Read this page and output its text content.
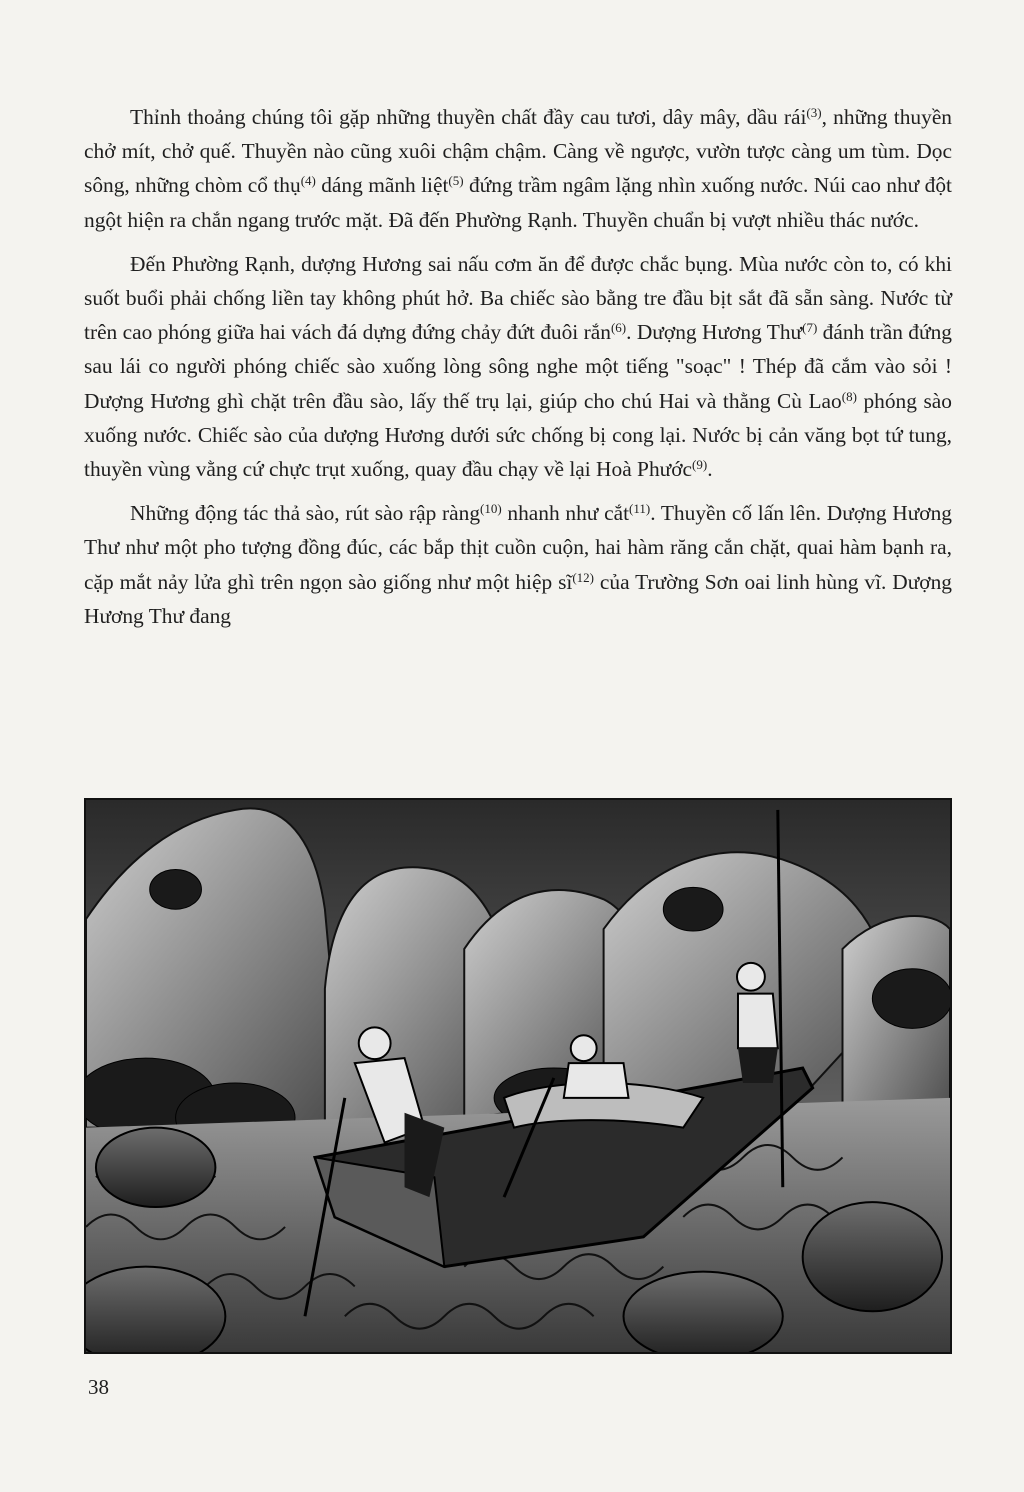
Thỉnh thoảng chúng tôi gặp những thuyền chất đầy cau tươi, dây mây, dầu rái$^{(3)}$, những thuyền chở mít, chở quế. Thuyền nào cũng xuôi chậm chậm. Càng về ngược, vườn tược càng um tùm. Dọc sông, những chòm cổ thụ$^{(4)}$ dáng mãnh liệt$^{(5)}$ đứng trầm ngâm lặng nhìn xuống nước. Núi cao như đột ngột hiện ra chắn ngang trước mặt. Đã đến Phường Rạnh. Thuyền chuẩn bị vượt nhiều thác nước.

Đến Phường Rạnh, dượng Hương sai nấu cơm ăn để được chắc bụng. Mùa nước còn to, có khi suốt buổi phải chống liền tay không phút hở. Ba chiếc sào bằng tre đầu bịt sắt đã sẵn sàng. Nước từ trên cao phóng giữa hai vách đá dựng đứng chảy đứt đuôi rắn$^{(6)}$. Dượng Hương Thư$^{(7)}$ đánh trần đứng sau lái co người phóng chiếc sào xuống lòng sông nghe một tiếng "soạc" ! Thép đã cắm vào sỏi ! Dượng Hương ghì chặt trên đầu sào, lấy thế trụ lại, giúp cho chú Hai và thằng Cù Lao$^{(8)}$ phóng sào xuống nước. Chiếc sào của dượng Hương dưới sức chống bị cong lại. Nước bị cản văng bọt tứ tung, thuyền vùng vằng cứ chực trụt xuống, quay đầu chạy về lại Hoà Phước$^{(9)}$.

Những động tác thả sào, rút sào rập ràng$^{(10)}$ nhanh như cắt$^{(11)}$. Thuyền cố lấn lên. Dượng Hương Thư như một pho tượng đồng đúc, các bắp thịt cuồn cuộn, hai hàm răng cắn chặt, quai hàm bạnh ra, cặp mắt nảy lửa ghì trên ngọn sào giống như một hiệp $sĩ^{(12)}$ của Trường Sơn oai linh hùng vĩ. Dượng Hương Thư đang

38
